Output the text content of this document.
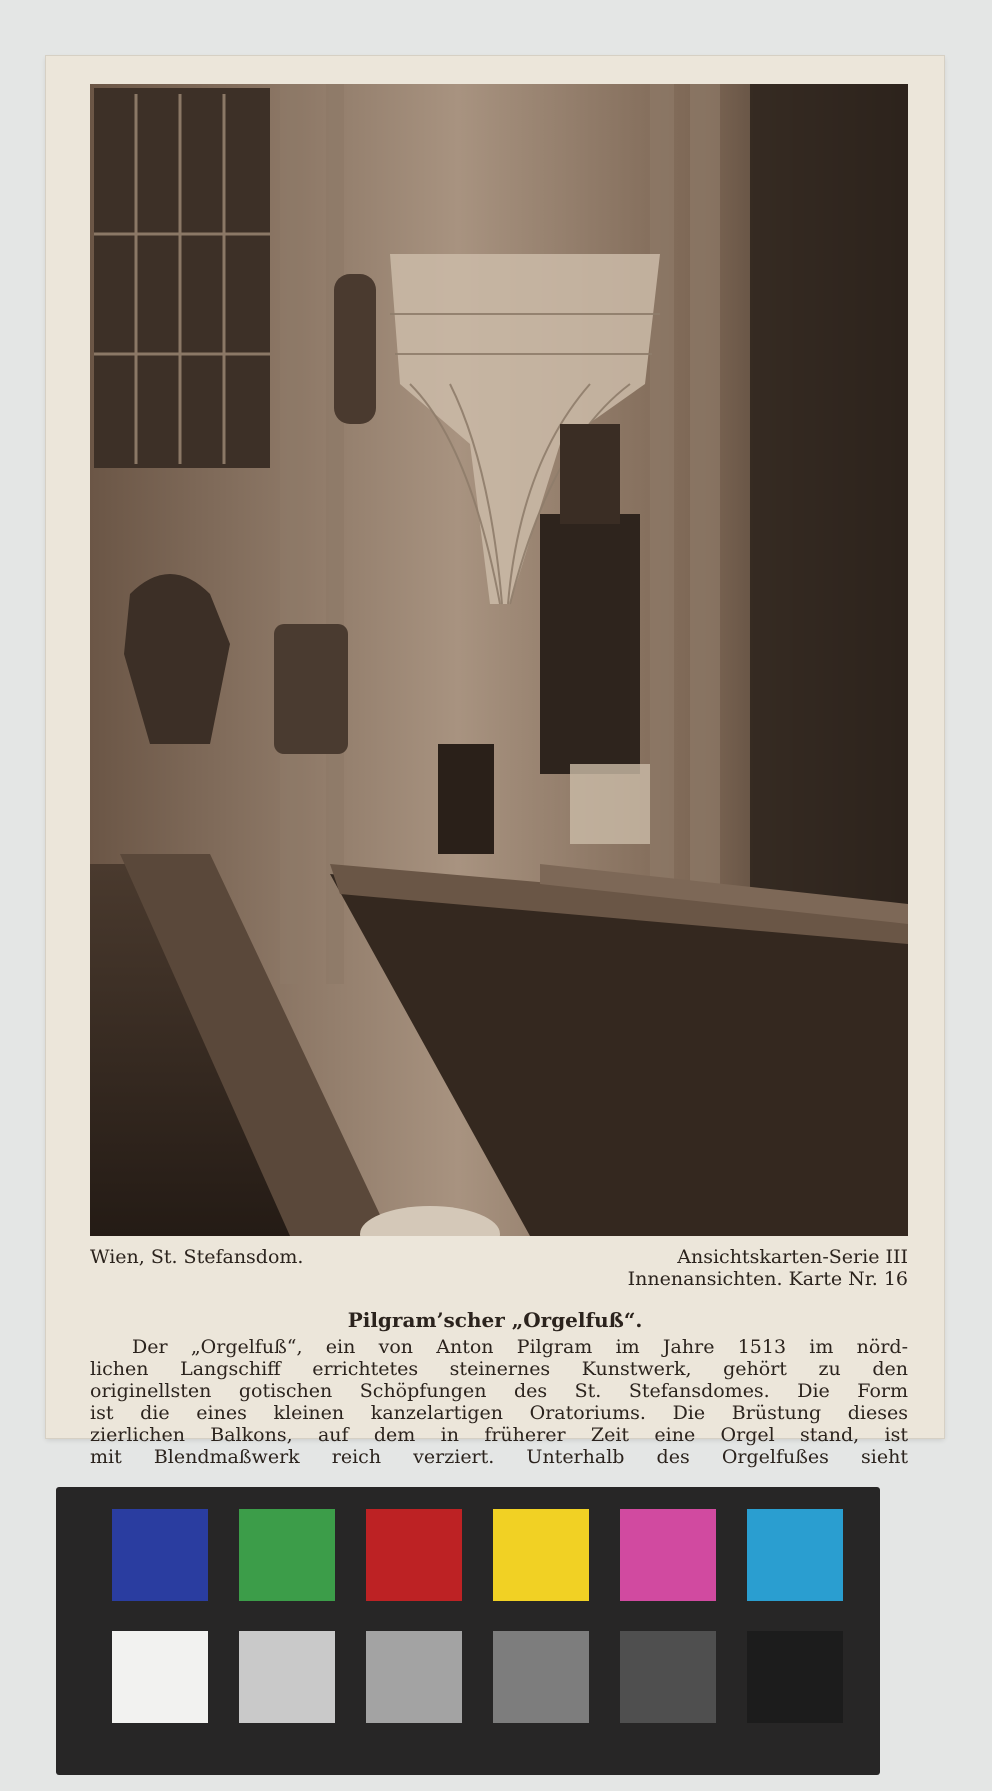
Wien, St. Stefansdom.	Ansichtskarten-Serie III
Innenansichten. Karte Nr. 16
Pilgram’scher „Orgelfuß“.
Der „Orgelfuß“, ein von Anton Pilgram im Jahre 1513 im nörd-
lichen Langschiff errichtetes steinernes Kunstwerk, gehört zu den
originellsten gotischen Schöpfungen des St. Stefansdomes. Die Form
ist die eines kleinen kanzelartigen Oratoriums. Die Brüstung dieses
zierlichen Balkons, auf dem in früherer Zeit eine Orgel stand, ist
mit Blendmaßwerk reich verziert. Unterhalb des Orgelfußes sieht
